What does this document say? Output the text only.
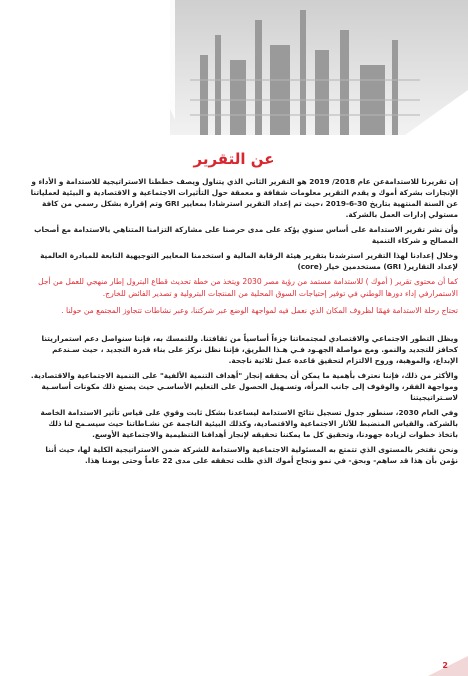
عن التقرير

إن تقريرنا للاستدامةعن عام 2018/ 2019 هو التقرير الثاني الذي يتناول ويصف خططنا الاستراتيجية للاستدامة و الأداء و الإنجازات بشركة أموك و يقدم التقرير معلومات شفافة و معمقة حول التأثيرات الاجتماعية و الاقتصادية و البيئية لعملياتنا عن السنة المنتهية بتاريخ 30-6-2019 ،حيث تم إعداد التقرير استرشادا بمعايير GRI وتم إقرارة بشكل رسمي من كافة مستولي إدارات العمل بالشركة.

وأن نشر تقرير الاستدامة على أساس سنوي يؤكد على مدى حرصنا على مشاركة التزامنا المتناهي بالاستدامة مع أصحاب المصالح و شركاء التنمية

وخلال إعدادنا لهذا التقرير استرشدنا بتقرير هيئة الرقابة المالية و استخدمنا المعايير التوجيهية التابعة للمبادرة العالمية لإعداد التقارير( GRI) مستخدمين خيار (core)

كما أن محتوى تقرير ( أموك ) للاستدامة مستمد من رؤية مصر 2030 ويتخذ من خطة تحديث قطاع البترول إطار منهجي للعمل من أجل الاستمرارفي إداء دورها الوطني في توفير إحتياجات السوق المحلية من المنتجات البترولية و تصدير الفائض للخارج.

تحتاج رحلة الاستدامة فهمًا لظروف المكان الذي نعمل فيه لمواجهة الوضع عبر شركتنا، وعبر نشاطات تتجاوز المجتمع من حولنا .

ويظل التطور الاجتماعي والاقتصادي لمجتمعاتنا جزءاً أساسياً من ثقافتنا. وللتمسك به، فإننا سنواصل دعم استمراريتنا كحافز للتجديد والنمو. ومع مواصلة الجهـود فـي هـذا الطريق، فإننا نظل نركز على بناء قدرة التجديد ، حيث سـندعم الإبداع، والموهبة، وروح الالتزام لتحقيق قاعدة عمل ثلاثية ناجحة.

والأكثر من ذلك، فإننا نعترف بأهمية ما يمكن أن يحققه إنجاز "أهداف التنمية الألفية" على التنمية الاجتماعية والاقتصادية. ومواجهة الفقر، والوقوف إلى جانب المرأة، وتسـهيل الحصول على التعليم الأساسـي حيث يصنع ذلك مكونات أساسـية لاسـتراتيجيتنا

وفي العام 2030، سنطور جدول تسجيل نتائج الاستدامة ليساعدنا بشكل ثابت وقوي على قياس تأثير الاستدامة الخاصة بالشركة. والقياس المنضبط للآثار الاجتماعية والاقتصادية، وكذلك البيئية الناجمة عن نشـاطاتنا حيث سيسـمح لنا ذلك باتخاذ خطوات لزيادة جهودنا، وتحقيق كل ما يمكننا تحقيقه لإنجاز أهدافنا التنظيمية والاجتماعية الأوسع.

ونحن نفتخر بالمستوى الذي تتمتع به المسئولية الاجتماعية والاستدامة للشركة ضمن الاستراتيجية الكلية لها، حيث أننا نؤمن بأن هذا قد ساهم- وبحق- في نمو ونجاح أموك الذي ظلت تحققه على مدى 22 عاماً وحتى يومنا هذا.

2
